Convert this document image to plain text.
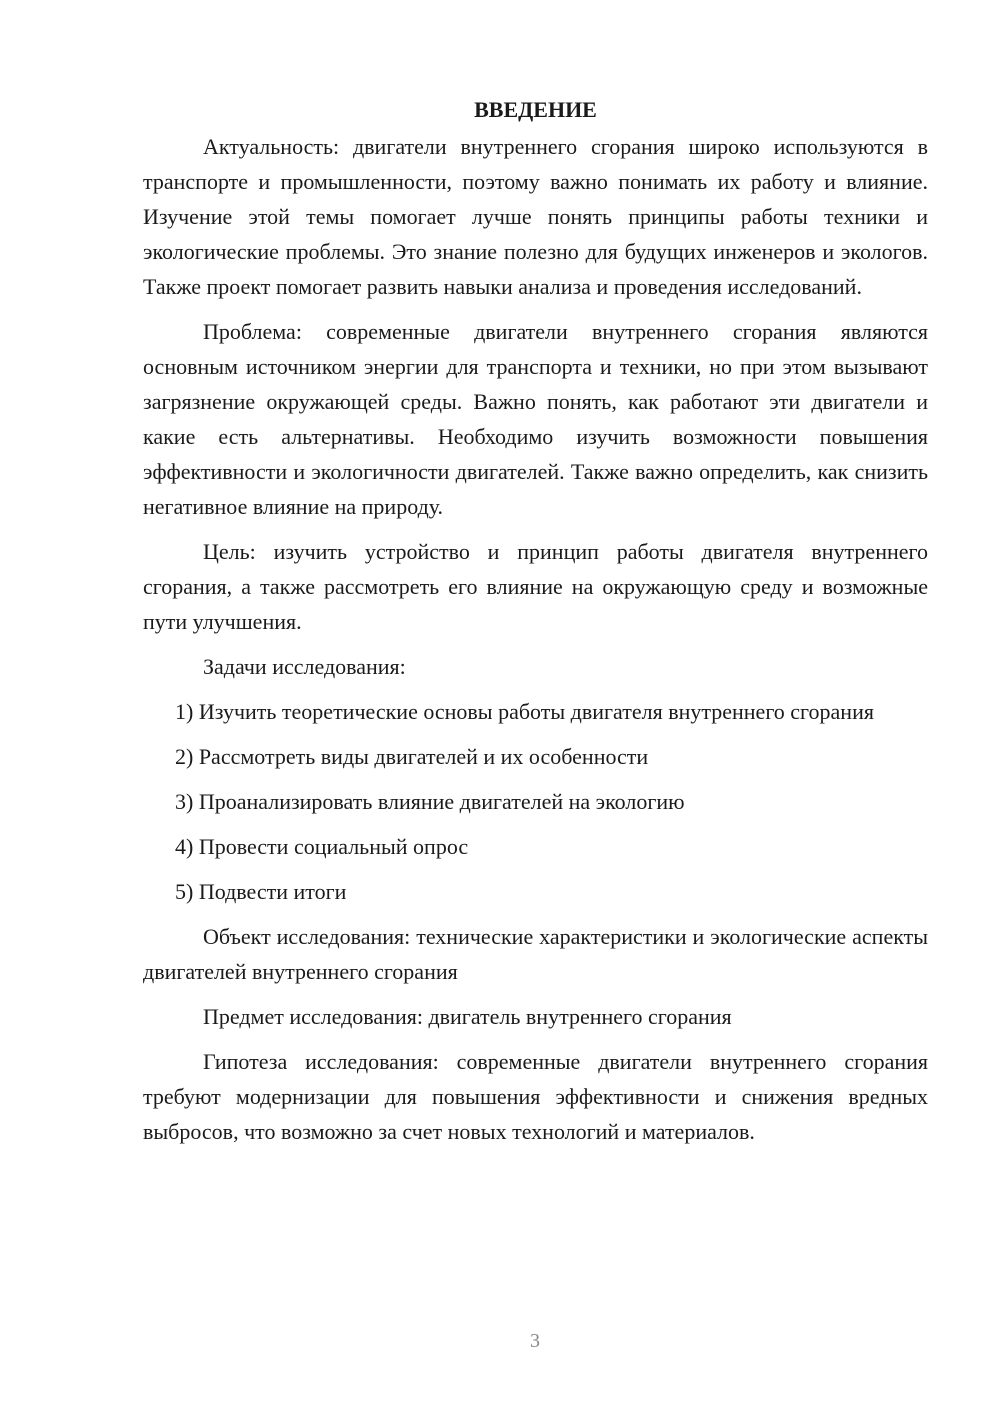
ВВЕДЕНИЕ

Актуальность: двигатели внутреннего сгорания широко используются в транспорте и промышленности, поэтому важно понимать их работу и влияние. Изучение этой темы помогает лучше понять принципы работы техники и экологические проблемы. Это знание полезно для будущих инженеров и экологов. Также проект помогает развить навыки анализа и проведения исследований.

Проблема: современные двигатели внутреннего сгорания являются основным источником энергии для транспорта и техники, но при этом вызывают загрязнение окружающей среды. Важно понять, как работают эти двигатели и какие есть альтернативы. Необходимо изучить возможности повышения эффективности и экологичности двигателей. Также важно определить, как снизить негативное влияние на природу.

Цель: изучить устройство и принцип работы двигателя внутреннего сгорания, а также рассмотреть его влияние на окружающую среду и возможные пути улучшения.

Задачи исследования:

1) Изучить теоретические основы работы двигателя внутреннего сгорания

2) Рассмотреть виды двигателей и их особенности

3) Проанализировать влияние двигателей на экологию

4) Провести социальный опрос

5) Подвести итоги

Объект исследования: технические характеристики и экологические аспекты двигателей внутреннего сгорания

Предмет исследования: двигатель внутреннего сгорания

Гипотеза исследования: современные двигатели внутреннего сгорания требуют модернизации для повышения эффективности и снижения вредных выбросов, что возможно за счет новых технологий и материалов.

3
